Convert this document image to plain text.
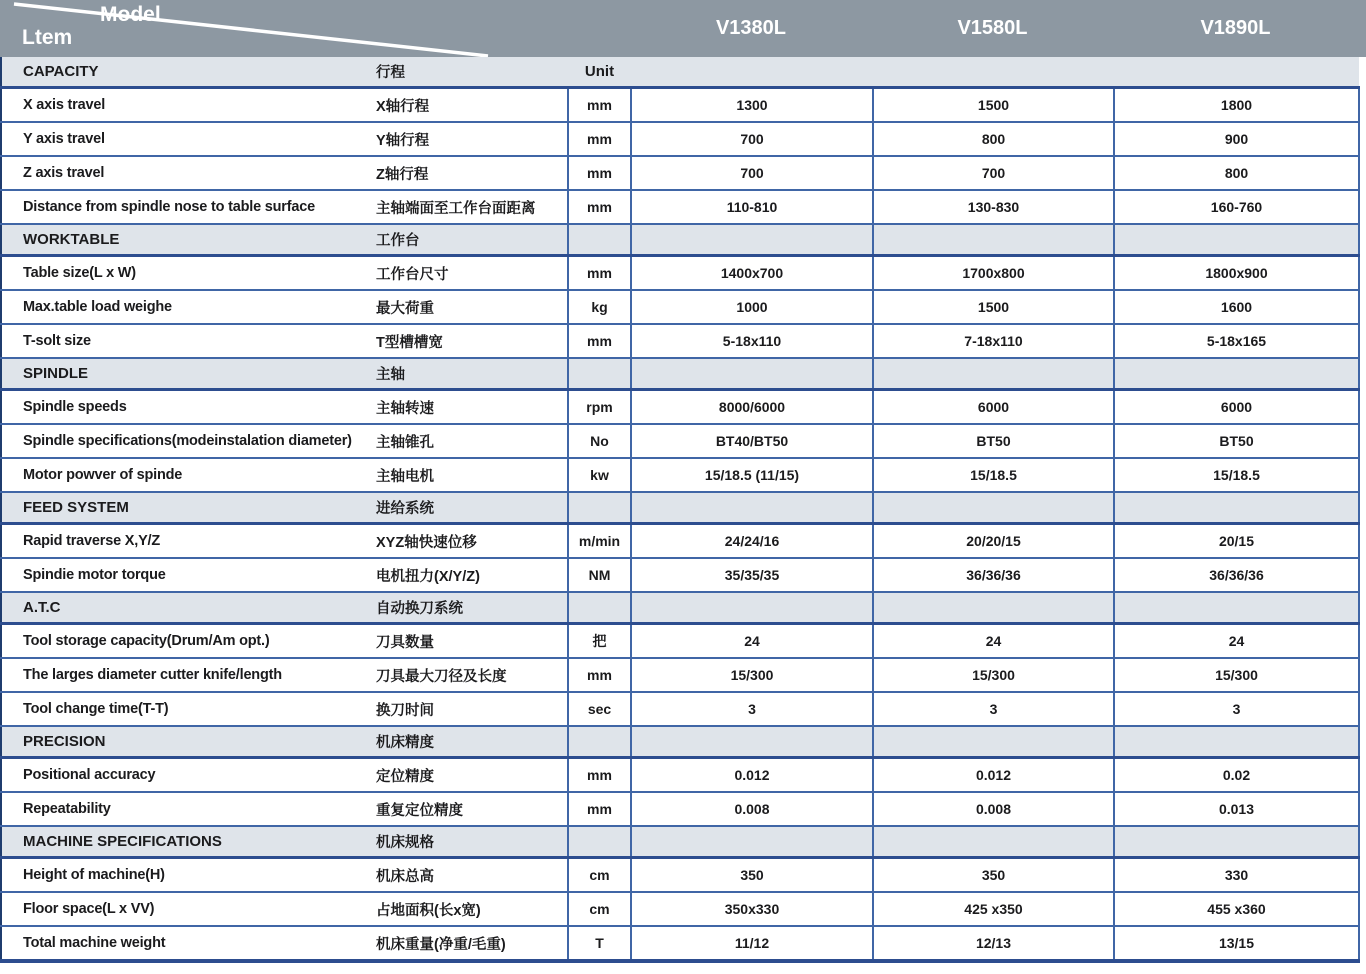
Model
Ltem	V1380L	V1580L	V1890L
CAPACITY	行程	Unit			
X axis travel	X轴行程	mm	1300	1500	1800
Y axis travel	Y轴行程	mm	700	800	900
Z axis travel	Z轴行程	mm	700	700	800
Distance from spindle nose to table surface	主轴端面至工作台面距离	mm	110-810	130-830	160-760
WORKTABLE	工作台				
Table size(L x W)	工作台尺寸	mm	1400x700	1700x800	1800x900
Max.table load weighe	最大荷重	kg	1000	1500	1600
T-solt size	T型槽槽宽	mm	5-18x110	7-18x110	5-18x165
SPINDLE	主轴				
Spindle speeds	主轴转速	rpm	8000/6000	6000	6000
Spindle specifications(modeinstalation diameter)	主轴锥孔	No	BT40/BT50	BT50	BT50
Motor powver of spinde	主轴电机	kw	15/18.5 (11/15)	15/18.5	15/18.5
FEED SYSTEM	进给系统				
Rapid traverse X,Y/Z	XYZ轴快速位移	m/min	24/24/16	20/20/15	20/15
Spindie motor torque	电机扭力(X/Y/Z)	NM	35/35/35	36/36/36	36/36/36
A.T.C	自动换刀系统				
Tool storage capacity(Drum/Am opt.)	刀具数量	把	24	24	24
The larges diameter cutter knife/length	刀具最大刀径及长度	mm	15/300	15/300	15/300
Tool change time(T-T)	换刀时间	sec	3	3	3
PRECISION	机床精度				
Positional accuracy	定位精度	mm	0.012	0.012	0.02
Repeatability	重复定位精度	mm	0.008	0.008	0.013
MACHINE SPECIFICATIONS	机床规格				
Height of machine(H)	机床总高	cm	350	350	330
Floor space(L x VV)	占地面积(长x宽)	cm	350x330	425 x350	455 x360
Total machine weight	机床重量(净重/毛重)	T	11/12	12/13	13/15
